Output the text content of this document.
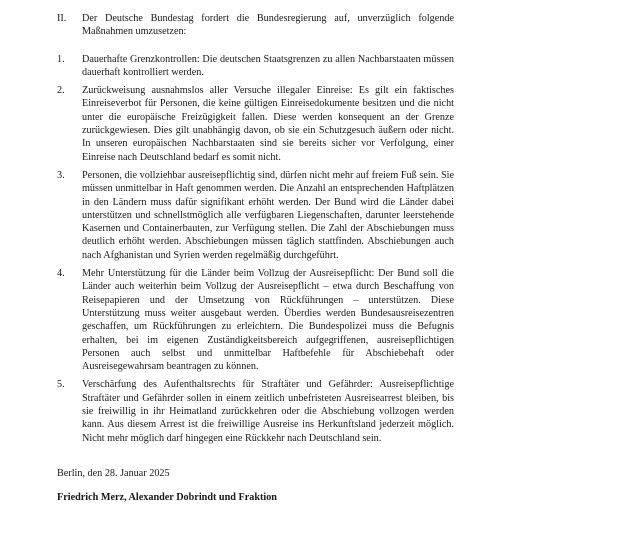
II.	Der Deutsche Bundestag fordert die Bundesregierung auf, unverzüglich folgende Maßnahmen umzusetzen:
1.	Dauerhafte Grenzkontrollen: Die deutschen Staatsgrenzen zu allen Nachbarstaaten müssen dauerhaft kontrolliert werden.
2.	Zurückweisung ausnahmslos aller Versuche illegaler Einreise: Es gilt ein faktisches Einreiseverbot für Personen, die keine gültigen Einreisedokumente besitzen und die nicht unter die europäische Freizügigkeit fallen. Diese werden konsequent an der Grenze zurückgewiesen. Dies gilt unabhängig davon, ob sie ein Schutzgesuch äußern oder nicht. In unseren europäischen Nachbarstaaten sind sie bereits sicher vor Verfolgung, einer Einreise nach Deutschland bedarf es somit nicht.
3.	Personen, die vollziehbar ausreisepflichtig sind, dürfen nicht mehr auf freiem Fuß sein. Sie müssen unmittelbar in Haft genommen werden. Die Anzahl an entsprechenden Haftplätzen in den Ländern muss dafür signifikant erhöht werden. Der Bund wird die Länder dabei unterstützen und schnellstmöglich alle verfügbaren Liegenschaften, darunter leerstehende Kasernen und Containerbauten, zur Verfügung stellen. Die Zahl der Abschiebungen muss deutlich erhöht werden. Abschiebungen müssen täglich stattfinden. Abschiebungen auch nach Afghanistan und Syrien werden regelmäßig durchgeführt.
4.	Mehr Unterstützung für die Länder beim Vollzug der Ausreisepflicht: Der Bund soll die Länder auch weiterhin beim Vollzug der Ausreisepflicht – etwa durch Beschaffung von Reisepapieren und der Umsetzung von Rückführungen – unterstützen. Diese Unterstützung muss weiter ausgebaut werden. Überdies werden Bundesausreisezentren geschaffen, um Rückführungen zu erleichtern. Die Bundespolizei muss die Befugnis erhalten, bei im eigenen Zuständigkeitsbereich aufgegriffenen, ausreisepflichtigen Personen auch selbst und unmittelbar Haftbefehle für Abschiebehaft oder Ausreisegewahrsam beantragen zu können.
5.	Verschärfung des Aufenthaltsrechts für Straftäter und Gefährder: Ausreisepflichtige Straftäter und Gefährder sollen in einem zeitlich unbefristeten Ausreisearrest bleiben, bis sie freiwillig in ihr Heimatland zurückkehren oder die Abschiebung vollzogen werden kann. Aus diesem Arrest ist die freiwillige Ausreise ins Herkunftsland jederzeit möglich. Nicht mehr möglich darf hingegen eine Rückkehr nach Deutschland sein.
Berlin, den 28. Januar 2025
Friedrich Merz, Alexander Dobrindt und Fraktion
